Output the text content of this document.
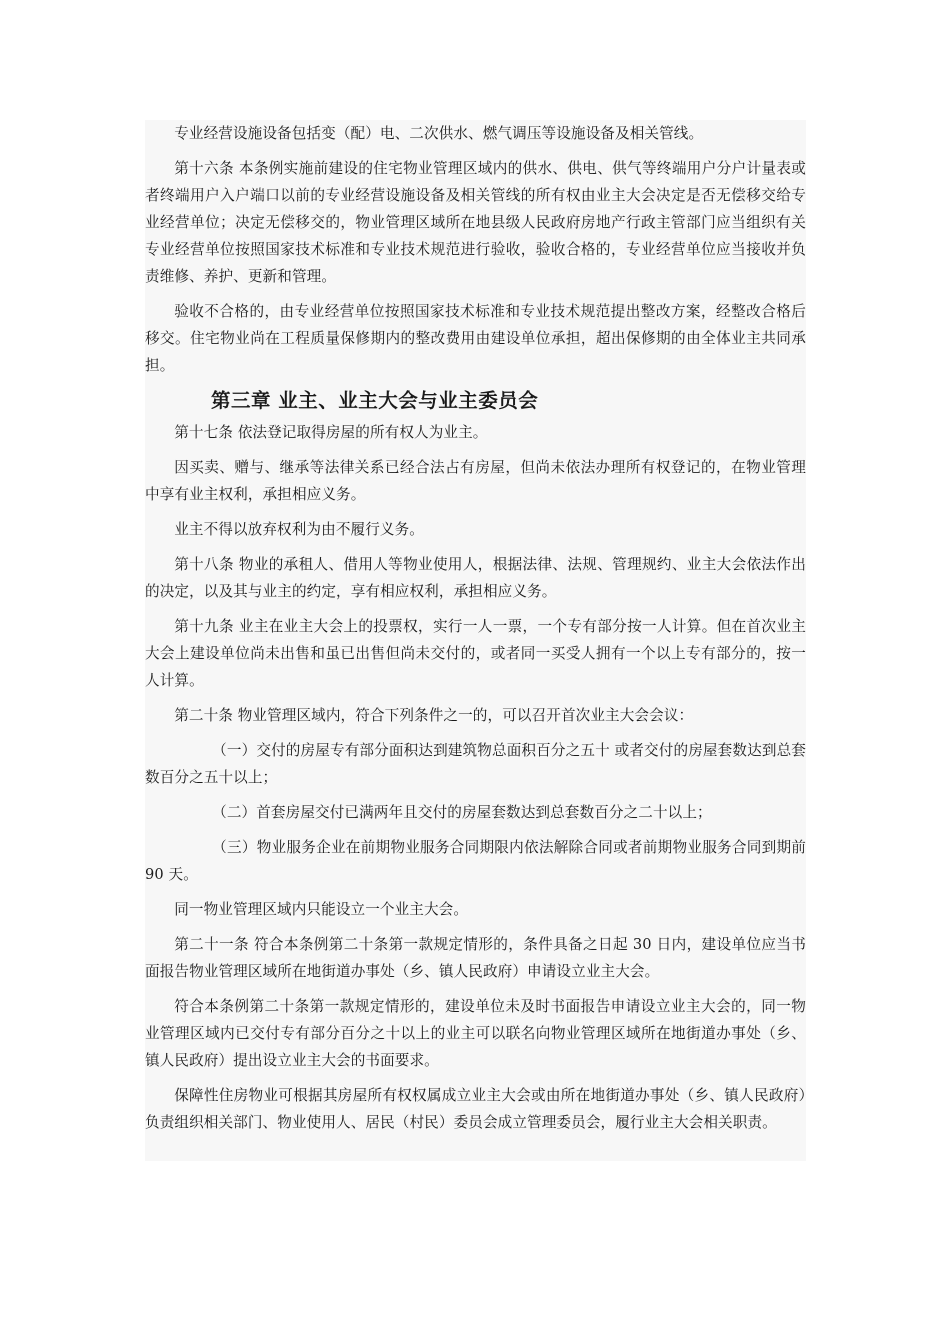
专业经营设施设备包括变（配）电、二次供水、燃气调压等设施设备及相关管线。

第十六条 本条例实施前建设的住宅物业管理区域内的供水、供电、供气等终端用户分户计量表或者终端用户入户端口以前的专业经营设施设备及相关管线的所有权由业主大会决定是否无偿移交给专业经营单位；决定无偿移交的，物业管理区域所在地县级人民政府房地产行政主管部门应当组织有关专业经营单位按照国家技术标准和专业技术规范进行验收，验收合格的，专业经营单位应当接收并负责维修、养护、更新和管理。

验收不合格的，由专业经营单位按照国家技术标准和专业技术规范提出整改方案，经整改合格后移交。住宅物业尚在工程质量保修期内的整改费用由建设单位承担，超出保修期的由全体业主共同承担。

第三章 业主、业主大会与业主委员会

第十七条 依法登记取得房屋的所有权人为业主。

因买卖、赠与、继承等法律关系已经合法占有房屋，但尚未依法办理所有权登记的，在物业管理中享有业主权利，承担相应义务。

业主不得以放弃权利为由不履行义务。

第十八条 物业的承租人、借用人等物业使用人，根据法律、法规、管理规约、业主大会依法作出的决定，以及其与业主的约定，享有相应权利，承担相应义务。

第十九条 业主在业主大会上的投票权，实行一人一票，一个专有部分按一人计算。但在首次业主大会上建设单位尚未出售和虽已出售但尚未交付的，或者同一买受人拥有一个以上专有部分的，按一人计算。

第二十条 物业管理区域内，符合下列条件之一的，可以召开首次业主大会会议：

（一）交付的房屋专有部分面积达到建筑物总面积百分之五十 或者交付的房屋套数达到总套数百分之五十以上；

（二）首套房屋交付已满两年且交付的房屋套数达到总套数百分之二十以上；

（三）物业服务企业在前期物业服务合同期限内依法解除合同或者前期物业服务合同到期前 90 天。

同一物业管理区域内只能设立一个业主大会。

第二十一条 符合本条例第二十条第一款规定情形的，条件具备之日起 30 日内，建设单位应当书面报告物业管理区域所在地街道办事处（乡、镇人民政府）申请设立业主大会。

符合本条例第二十条第一款规定情形的，建设单位未及时书面报告申请设立业主大会的，同一物业管理区域内已交付专有部分百分之十以上的业主可以联名向物业管理区域所在地街道办事处（乡、镇人民政府）提出设立业主大会的书面要求。

保障性住房物业可根据其房屋所有权权属成立业主大会或由所在地街道办事处（乡、镇人民政府）负责组织相关部门、物业使用人、居民（村民）委员会成立管理委员会，履行业主大会相关职责。
